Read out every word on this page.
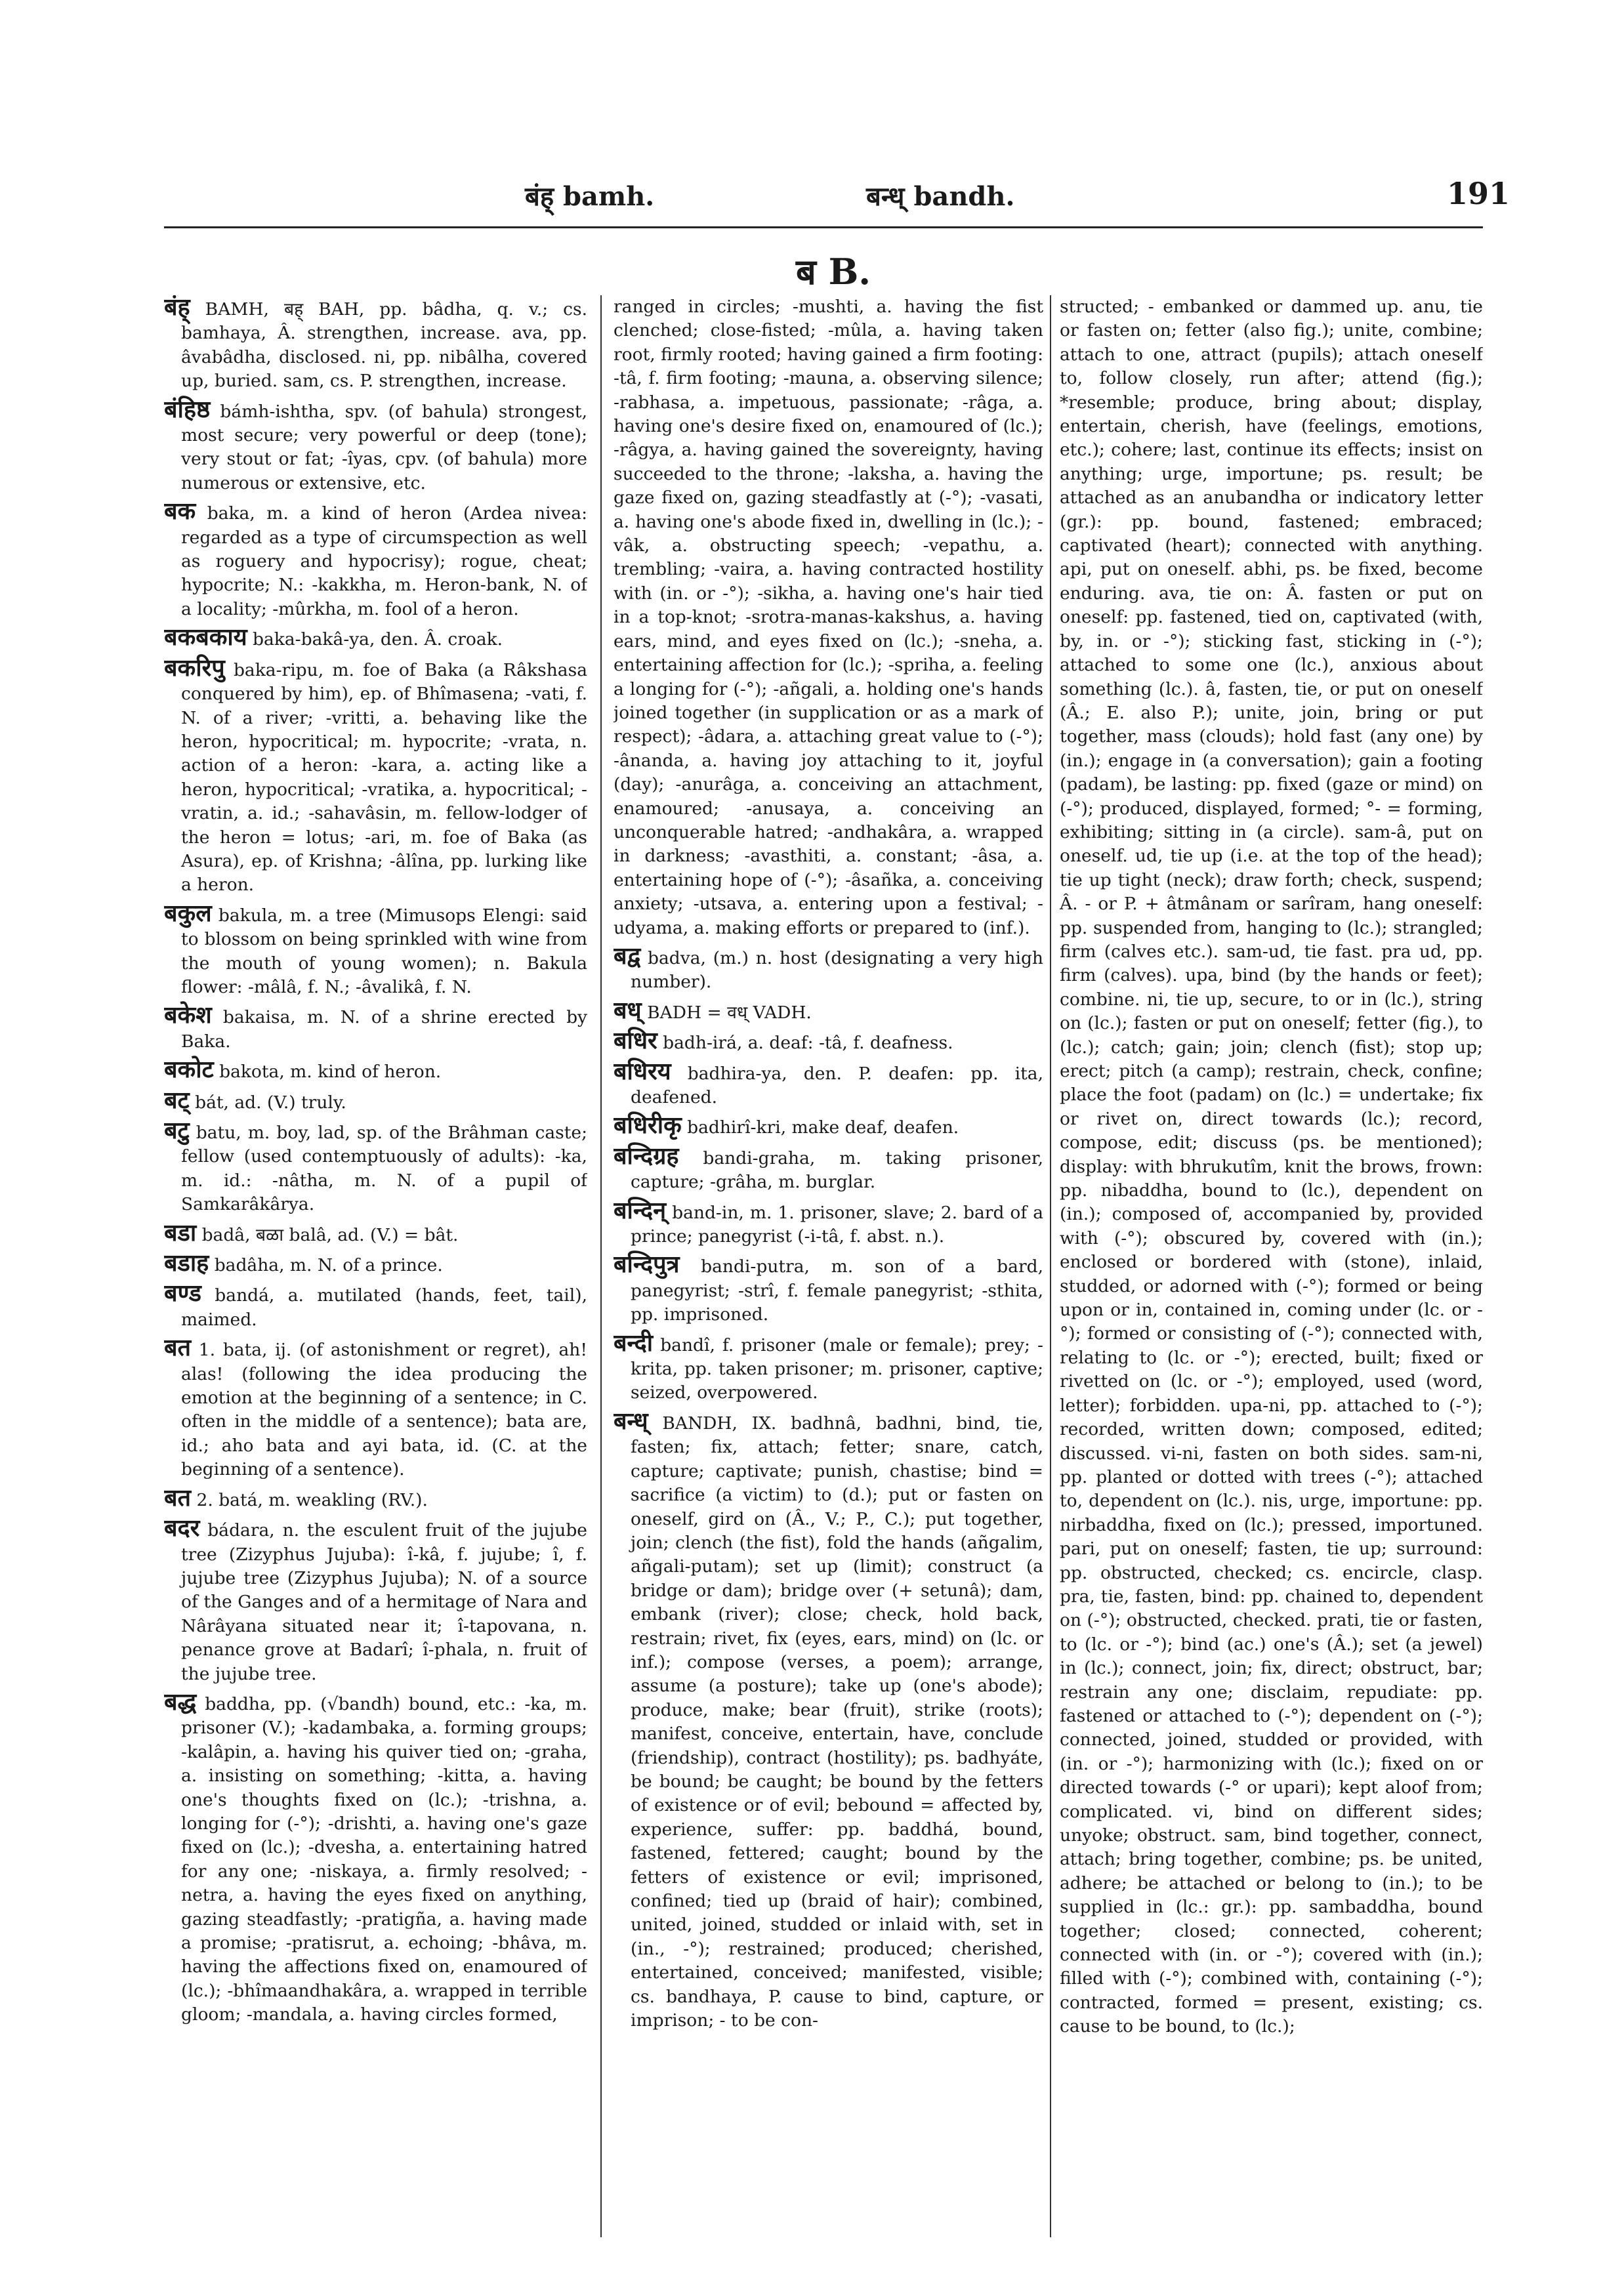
बंह् bamh.	बन्ध् bandh.	191
ब B.

बंह् BAMH, बह् BAH, pp. bâdha, q. v.; cs. bamhaya, Â. strengthen, increase. ava, pp. âvabâdha, disclosed. ni, pp. nibâlha, covered up, buried. sam, cs. P. strengthen, increase.

बंहिष्ठ bámh-ishtha, spv. (of bahula) strongest, most secure; very powerful or deep (tone); very stout or fat; -îyas, cpv. (of bahula) more numerous or extensive, etc.

बक baka, m. a kind of heron (Ardea nivea: regarded as a type of circumspection as well as roguery and hypocrisy); rogue, cheat; hypocrite; N.: -kakkha, m. Heron-bank, N. of a locality; -mûrkha, m. fool of a heron.

बकबकाय baka-bakâ-ya, den. Â. croak.

बकरिपु baka-ripu, m. foe of Baka (a Râkshasa conquered by him), ep. of Bhîmasena; -vati, f. N. of a river; -vritti, a. behaving like the heron, hypocritical; m. hypocrite; -vrata, n. action of a heron: -kara, a. acting like a heron, hypocritical; -vratika, a. hypocritical; -vratin, a. id.; -sahavâsin, m. fellow-lodger of the heron = lotus; -ari, m. foe of Baka (as Asura), ep. of Krishna; -âlîna, pp. lurking like a heron.

बकुल bakula, m. a tree (Mimusops Elengi: said to blossom on being sprinkled with wine from the mouth of young women); n. Bakula flower: -mâlâ, f. N.; -âvalikâ, f. N.

बकेश bakaisa, m. N. of a shrine erected by Baka.

बकोट bakota, m. kind of heron.

बट् bát, ad. (V.) truly.

बटु batu, m. boy, lad, sp. of the Brâhman caste; fellow (used contemptuously of adults): -ka, m. id.: -nâtha, m. N. of a pupil of Samkarâkârya.

बडा badâ, बळा balâ, ad. (V.) = bât.

बडाह badâha, m. N. of a prince.

बण्ड bandá, a. mutilated (hands, feet, tail), maimed.

बत 1. bata, ij. (of astonishment or regret), ah! alas! (following the idea producing the emotion at the beginning of a sentence; in C. often in the middle of a sentence); bata are, id.; aho bata and ayi bata, id. (C. at the beginning of a sentence).

बत 2. batá, m. weakling (RV.).

बदर bádara, n. the esculent fruit of the jujube tree (Zizyphus Jujuba): î-kâ, f. jujube; î, f. jujube tree (Zizyphus Jujuba); N. of a source of the Ganges and of a hermitage of Nara and Nârâyana situated near it; î-tapovana, n. penance grove at Badarî; î-phala, n. fruit of the jujube tree.

बद्ध baddha, pp. (√bandh) bound, etc.: -ka, m. prisoner (V.); -kadambaka, a. forming groups; -kalâpin, a. having his quiver tied on; -graha, a. insisting on something; -kitta, a. having one's thoughts fixed on (lc.); -trishna, a. longing for (-°); -drishti, a. having one's gaze fixed on (lc.); -dvesha, a. entertaining hatred for any one; -niskaya, a. firmly resolved; -netra, a. having the eyes fixed on anything, gazing steadfastly; -pratigña, a. having made a promise; -pratisrut, a. echoing; -bhâva, m. having the affections fixed on, enamoured of (lc.); -bhîmaandhakâra, a. wrapped in terrible gloom; -mandala, a. having circles formed,

ranged in circles; -mushti, a. having the fist clenched; close-fisted; -mûla, a. having taken root, firmly rooted; having gained a firm footing: -tâ, f. firm footing; -mauna, a. observing silence; -rabhasa, a. impetuous, passionate; -râga, a. having one's desire fixed on, enamoured of (lc.); -râgya, a. having gained the sovereignty, having succeeded to the throne; -laksha, a. having the gaze fixed on, gazing steadfastly at (-°); -vasati, a. having one's abode fixed in, dwelling in (lc.); -vâk, a. obstructing speech; -vepathu, a. trembling; -vaira, a. having contracted hostility with (in. or -°); -sikha, a. having one's hair tied in a top-knot; -srotra-manas-kakshus, a. having ears, mind, and eyes fixed on (lc.); -sneha, a. entertaining affection for (lc.); -spriha, a. feeling a longing for (-°); -añgali, a. holding one's hands joined together (in supplication or as a mark of respect); -âdara, a. attaching great value to (-°); -ânanda, a. having joy attaching to it, joyful (day); -anurâga, a. conceiving an attachment, enamoured; -anusaya, a. conceiving an unconquerable hatred; -andhakâra, a. wrapped in darkness; -avasthiti, a. constant; -âsa, a. entertaining hope of (-°); -âsañka, a. conceiving anxiety; -utsava, a. entering upon a festival; -udyama, a. making efforts or prepared to (inf.).

बद्व badva, (m.) n. host (designating a very high number).

बध् BADH = वध् VADH.

बधिर badh-irá, a. deaf: -tâ, f. deafness.

बधिरय badhira-ya, den. P. deafen: pp. ita, deafened.

बधिरीकृ badhirî-kri, make deaf, deafen.

बन्दिग्रह bandi-graha, m. taking prisoner, capture; -grâha, m. burglar.

बन्दिन् band-in, m. 1. prisoner, slave; 2. bard of a prince; panegyrist (-i-tâ, f. abst. n.).

बन्दिपुत्र bandi-putra, m. son of a bard, panegyrist; -strî, f. female panegyrist; -sthita, pp. imprisoned.

बन्दी bandî, f. prisoner (male or female); prey; -krita, pp. taken prisoner; m. prisoner, captive; seized, overpowered.

बन्ध् BANDH, IX. badhnâ, badhni, bind, tie, fasten; fix, attach; fetter; snare, catch, capture; captivate; punish, chastise; bind = sacrifice (a victim) to (d.); put or fasten on oneself, gird on (Â., V.; P., C.); put together, join; clench (the fist), fold the hands (añgalim, añgali-putam); set up (limit); construct (a bridge or dam); bridge over (+ setunâ); dam, embank (river); close; check, hold back, restrain; rivet, fix (eyes, ears, mind) on (lc. or inf.); compose (verses, a poem); arrange, assume (a posture); take up (one's abode); produce, make; bear (fruit), strike (roots); manifest, conceive, entertain, have, conclude (friendship), contract (hostility); ps. badhyáte, be bound; be caught; be bound by the fetters of existence or of evil; bebound = affected by, experience, suffer: pp. baddhá, bound, fastened, fettered; caught; bound by the fetters of existence or evil; imprisoned, confined; tied up (braid of hair); combined, united, joined, studded or inlaid with, set in (in., -°); restrained; produced; cherished, entertained, conceived; manifested, visible; cs. bandhaya, P. cause to bind, capture, or imprison; - to be con-

structed; - embanked or dammed up. anu, tie or fasten on; fetter (also fig.); unite, combine; attach to one, attract (pupils); attach oneself to, follow closely, run after; attend (fig.); *resemble; produce, bring about; display, entertain, cherish, have (feelings, emotions, etc.); cohere; last, continue its effects; insist on anything; urge, importune; ps. result; be attached as an anubandha or indicatory letter (gr.): pp. bound, fastened; embraced; captivated (heart); connected with anything. api, put on oneself. abhi, ps. be fixed, become enduring. ava, tie on: Â. fasten or put on oneself: pp. fastened, tied on, captivated (with, by, in. or -°); sticking fast, sticking in (-°); attached to some one (lc.), anxious about something (lc.). â, fasten, tie, or put on oneself (Â.; E. also P.); unite, join, bring or put together, mass (clouds); hold fast (any one) by (in.); engage in (a conversation); gain a footing (padam), be lasting: pp. fixed (gaze or mind) on (-°); produced, displayed, formed; °- = forming, exhibiting; sitting in (a circle). sam-â, put on oneself. ud, tie up (i.e. at the top of the head); tie up tight (neck); draw forth; check, suspend; Â. - or P. + âtmânam or sarîram, hang oneself: pp. suspended from, hanging to (lc.); strangled; firm (calves etc.). sam-ud, tie fast. pra ud, pp. firm (calves). upa, bind (by the hands or feet); combine. ni, tie up, secure, to or in (lc.), string on (lc.); fasten or put on oneself; fetter (fig.), to (lc.); catch; gain; join; clench (fist); stop up; erect; pitch (a camp); restrain, check, confine; place the foot (padam) on (lc.) = undertake; fix or rivet on, direct towards (lc.); record, compose, edit; discuss (ps. be mentioned); display: with bhrukutîm, knit the brows, frown: pp. nibaddha, bound to (lc.), dependent on (in.); composed of, accompanied by, provided with (-°); obscured by, covered with (in.); enclosed or bordered with (stone), inlaid, studded, or adorned with (-°); formed or being upon or in, contained in, coming under (lc. or -°); formed or consisting of (-°); connected with, relating to (lc. or -°); erected, built; fixed or rivetted on (lc. or -°); employed, used (word, letter); forbidden. upa-ni, pp. attached to (-°); recorded, written down; composed, edited; discussed. vi-ni, fasten on both sides. sam-ni, pp. planted or dotted with trees (-°); attached to, dependent on (lc.). nis, urge, importune: pp. nirbaddha, fixed on (lc.); pressed, importuned. pari, put on oneself; fasten, tie up; surround: pp. obstructed, checked; cs. encircle, clasp. pra, tie, fasten, bind: pp. chained to, dependent on (-°); obstructed, checked. prati, tie or fasten, to (lc. or -°); bind (ac.) one's (Â.); set (a jewel) in (lc.); connect, join; fix, direct; obstruct, bar; restrain any one; disclaim, repudiate: pp. fastened or attached to (-°); dependent on (-°); connected, joined, studded or provided, with (in. or -°); harmonizing with (lc.); fixed on or directed towards (-° or upari); kept aloof from; complicated. vi, bind on different sides; unyoke; obstruct. sam, bind together, connect, attach; bring together, combine; ps. be united, adhere; be attached or belong to (in.); to be supplied in (lc.: gr.): pp. sambaddha, bound together; closed; connected, coherent; connected with (in. or -°); covered with (in.); filled with (-°); combined with, containing (-°); contracted, formed = present, existing; cs. cause to be bound, to (lc.);
